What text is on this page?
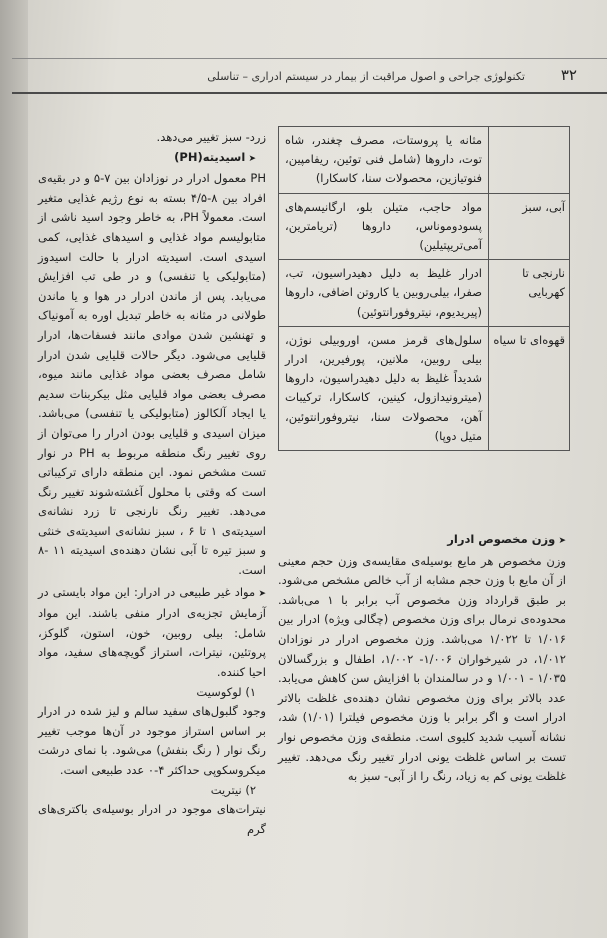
۳۲
تکنولوژی جراحی و اصول مراقبت از بیمار در سیستم ادراری – تناسلی
مثانه یا پروستات، مصرف چغندر، شاه توت، داروها (شامل فنی توئین، ریفامپین، فنوتیازین، محصولات سنا، کاسکارا)
آبی، سبز
مواد حاجب، متیلن بلو، ارگانیسم‌های پسودوموناس، داروها (تریامترین، آمی‌تریپتیلین)
نارنجی تا کهربایی
ادرار غلیظ به دلیل دهیدراسیون، تب، صفرا، بیلی‌روبین یا کاروتن اضافی، داروها (پیریدیوم، نیتروفورانتوئین)
قهوه‌ای تا سیاه
سلول‌های قرمز مسن، اوروبیلی نوژن، بیلی روبین، ملانین، پورفیرین، ادرار شدیداً غلیظ به دلیل دهیدراسیون، داروها (میترونیدازول، کینین، کاسکارا، ترکیبات آهن، محصولات سنا، نیتروفورانتوئین، متیل دوپا)

➤ وزن مخصوص ادرار

وزن مخصوص هر مایع بوسیله‌ی مقایسه‌ی وزن حجم معینی از آن مایع با وزن حجم مشابه از آب خالص مشخص می‌شود. بر طبق قرارداد وزن مخصوص آب برابر با ۱ می‌باشد. محدوده‌ی نرمال برای وزن مخصوص (چگالی ویژه) ادرار بین ۱/۰۱۶ تا ۱/۰۲۲ می‌باشد. وزن مخصوص ادرار در نوزادان ۱/۰۱۲، در شیرخواران ۱/۰۰۶- ۱/۰۰۲، اطفال و بزرگسالان ۱/۰۳۵ - ۱/۰۰۱ و در سالمندان با افزایش سن کاهش می‌یابد. عدد بالاتر برای وزن مخصوص نشان دهنده‌ی غلظت بالاتر ادرار است و اگر برابر با وزن مخصوص فیلترا (۱/۰۱) شد، نشانه آسیب شدید کلیوی است. منطقه‌ی وزن مخصوص نوار تست بر اساس غلظت یونی ادرار تغییر رنگ می‌دهد. تغییر غلظت یونی کم به زیاد، رنگ را از آبی- سبز به

زرد- سبز تغییر می‌دهد.

➤ اسیدیته(PH)

PH معمول ادرار در نوزادان بین ۷-۵ و در بقیه‌ی افراد بین ۸-۴/۵ بسته به نوع رژیم غذایی متغیر است. معمولاً PH، به خاطر وجود اسید ناشی از متابولیسم مواد غذایی و اسیدهای غذایی، کمی اسیدی است. اسیدیته ادرار با حالت اسیدوز (متابولیکی یا تنفسی) و در طی تب افزایش می‌یابد. پس از ماندن ادرار در هوا و یا ماندن طولانی در مثانه به خاطر تبدیل اوره به آمونیاک و تهنشین شدن موادی مانند فسفات‌ها، ادرار قلیایی می‌شود. دیگر حالات قلیایی شدن ادرار شامل مصرف بعضی مواد غذایی مانند میوه، مصرف بعضی مواد قلیایی مثل بیکربنات سدیم یا ایجاد آلکالوز (متابولیکی یا تنفسی) می‌باشد. میزان اسیدی و قلیایی بودن ادرار را می‌توان از روی تغییر رنگ منطقه مربوط به PH در نوار تست مشخص نمود. این منطقه دارای ترکیباتی است که وقتی با محلول آغشته‌شوند تغییر رنگ می‌دهد. تغییر رنگ نارنجی تا زرد نشانه‌ی اسیدیته‌ی ۱ تا ۶ ، سبز نشانه‌ی اسیدیته‌ی خنثی و سبز تیره تا آبی نشان دهنده‌ی اسیدیته ۱۱ -۸ است.

➤ مواد غیر طبیعی در ادرار: این مواد بایستی در آزمایش تجزیه‌ی ادرار منفی باشند. این مواد شامل: بیلی روبین، خون، استون، گلوکز، پروتئین، نیترات، استراز گویچه‌های سفید، مواد احیا کننده.

۱) لوکوسیت

وجود گلبول‌های سفید سالم و لیز شده در ادرار بر اساس استراز موجود در آن‌ها موجب تغییر رنگ نوار ( رنگ بنفش) می‌شود. با نمای درشت میکروسکوپی حداکثر ۴-۰ عدد طبیعی است.

۲) نیتریت

نیترات‌های موجود در ادرار بوسیله‌ی باکتری‌های گرم
